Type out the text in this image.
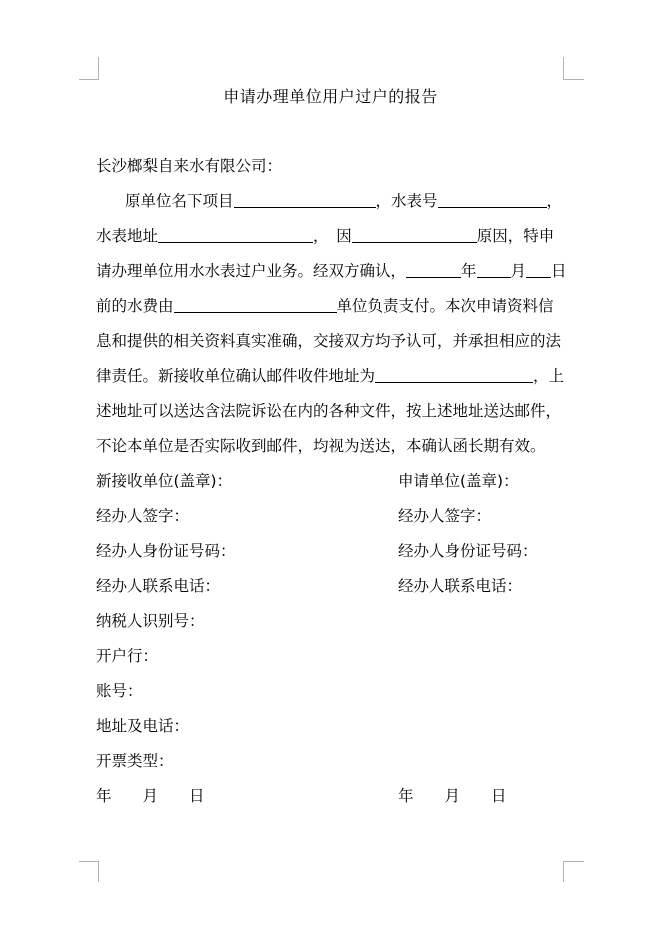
申请办理单位用户过户的报告
长沙榔梨自来水有限公司：
原单位名下项目	，水表号	，
水表地址	，　因	原因，特申
请办理单位用水水表过户业务。经双方确认，	年 月 日
前的水费由	单位负责支付。本次申请资料信
息和提供的相关资料真实准确，交接双方均予认可，并承担相应的法
律责任。新接收单位确认邮件收件地址为	，上
述地址可以送达含法院诉讼在内的各种文件，按上述地址送达邮件，
不论本单位是否实际收到邮件，均视为送达，本确认函长期有效。
新接收单位(盖章)：	申请单位(盖章)：
经办人签字：	经办人签字：
经办人身份证号码：	经办人身份证号码：
经办人联系电话：	经办人联系电话：
纳税人识别号：
开户行：
账号：
地址及电话：
开票类型：
年　　月　　日	年　　月　　日
